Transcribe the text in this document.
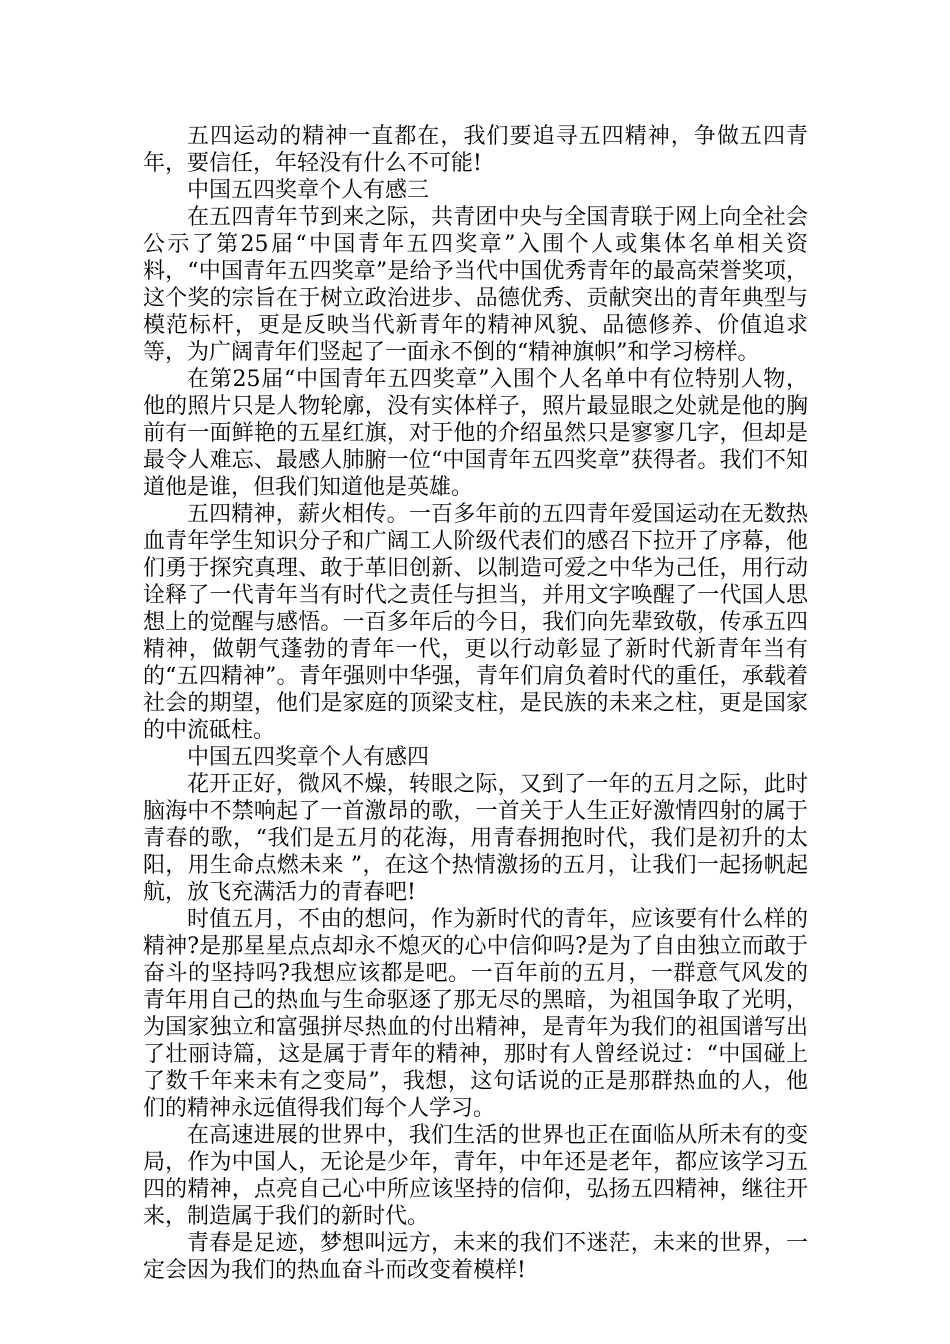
五四运动的精神一直都在，我们要追寻五四精神，争做五四青年，要信任，年轻没有什么不可能!

中国五四奖章个人有感三

在五四青年节到来之际，共青团中央与全国青联于网上向全社会公示了第25届“中国青年五四奖章”入围个人或集体名单相关资料，“中国青年五四奖章”是给予当代中国优秀青年的最高荣誉奖项，这个奖的宗旨在于树立政治进步、品德优秀、贡献突出的青年典型与模范标杆，更是反映当代新青年的精神风貌、品德修养、价值追求等，为广阔青年们竖起了一面永不倒的“精神旗帜”和学习榜样。

在第25届“中国青年五四奖章”入围个人名单中有位特别人物，他的照片只是人物轮廓，没有实体样子，照片最显眼之处就是他的胸前有一面鲜艳的五星红旗，对于他的介绍虽然只是寥寥几字，但却是最令人难忘、最感人肺腑一位“中国青年五四奖章”获得者。我们不知道他是谁，但我们知道他是英雄。

五四精神，薪火相传。一百多年前的五四青年爱国运动在无数热血青年学生知识分子和广阔工人阶级代表们的感召下拉开了序幕，他们勇于探究真理、敢于革旧创新、以制造可爱之中华为己任，用行动诠释了一代青年当有时代之责任与担当，并用文字唤醒了一代国人思想上的觉醒与感悟。一百多年后的今日，我们向先辈致敬，传承五四精神，做朝气蓬勃的青年一代，更以行动彰显了新时代新青年当有的“五四精神”。青年强则中华强，青年们肩负着时代的重任，承载着社会的期望，他们是家庭的顶梁支柱，是民族的未来之柱，更是国家的中流砥柱。

中国五四奖章个人有感四

花开正好，微风不燥，转眼之际，又到了一年的五月之际，此时脑海中不禁响起了一首激昂的歌，一首关于人生正好激情四射的属于青春的歌，“我们是五月的花海，用青春拥抱时代，我们是初升的太阳，用生命点燃未来 ”，在这个热情激扬的五月，让我们一起扬帆起航，放飞充满活力的青春吧!

时值五月，不由的想问，作为新时代的青年，应该要有什么样的精神?是那星星点点却永不熄灭的心中信仰吗?是为了自由独立而敢于奋斗的坚持吗?我想应该都是吧。一百年前的五月，一群意气风发的青年用自己的热血与生命驱逐了那无尽的黑暗，为祖国争取了光明，为国家独立和富强拼尽热血的付出精神，是青年为我们的祖国谱写出了壮丽诗篇，这是属于青年的精神，那时有人曾经说过：“中国碰上了数千年来未有之变局”，我想，这句话说的正是那群热血的人，他们的精神永远值得我们每个人学习。

在高速进展的世界中，我们生活的世界也正在面临从所未有的变局，作为中国人，无论是少年，青年，中年还是老年，都应该学习五四的精神，点亮自己心中所应该坚持的信仰，弘扬五四精神，继往开来，制造属于我们的新时代。

青春是足迹，梦想叫远方，未来的我们不迷茫，未来的世界，一定会因为我们的热血奋斗而改变着模样!
